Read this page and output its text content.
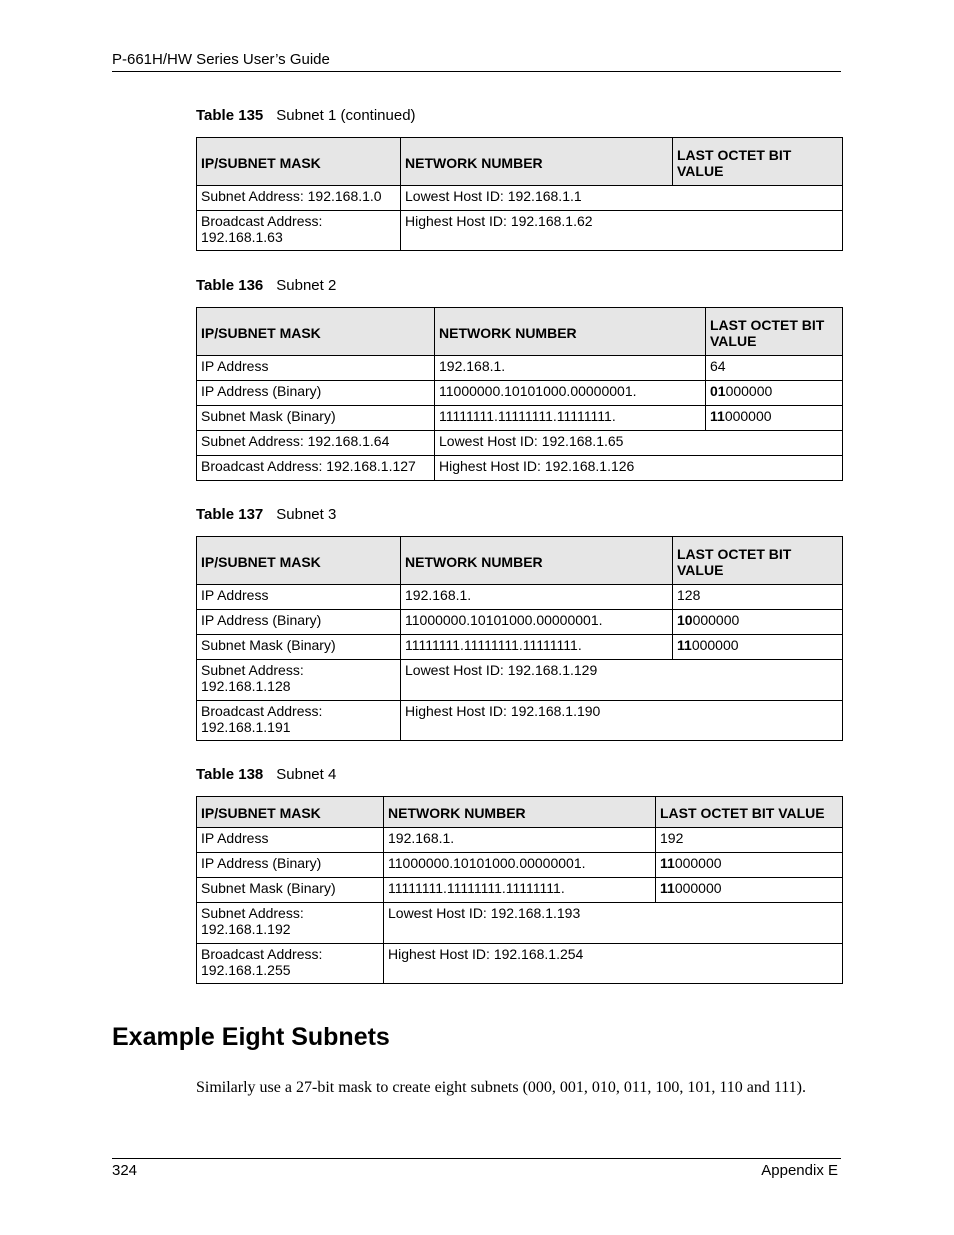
P-661H/HW Series User’s Guide
Table 135 Subnet 1 (continued)
IP/SUBNET MASK	NETWORK NUMBER	LAST OCTET BIT VALUE
Subnet Address: 192.168.1.0	Lowest Host ID: 192.168.1.1	
Broadcast Address: 192.168.1.63	Highest Host ID: 192.168.1.62	
Table 136 Subnet 2
IP/SUBNET MASK	NETWORK NUMBER	LAST OCTET BIT VALUE
IP Address	192.168.1.	64
IP Address (Binary)	11000000.10101000.00000001.	01000000
Subnet Mask (Binary)	11111111.11111111.11111111.	11000000
Subnet Address: 192.168.1.64	Lowest Host ID: 192.168.1.65	
Broadcast Address: 192.168.1.127	Highest Host ID: 192.168.1.126	
Table 137 Subnet 3
IP/SUBNET MASK	NETWORK NUMBER	LAST OCTET BIT VALUE
IP Address	192.168.1.	128
IP Address (Binary)	11000000.10101000.00000001.	10000000
Subnet Mask (Binary)	11111111.11111111.11111111.	11000000
Subnet Address: 192.168.1.128	Lowest Host ID: 192.168.1.129	
Broadcast Address: 192.168.1.191	Highest Host ID: 192.168.1.190	
Table 138 Subnet 4
IP/SUBNET MASK	NETWORK NUMBER	LAST OCTET BIT VALUE
IP Address	192.168.1.	192
IP Address (Binary)	11000000.10101000.00000001.	11000000
Subnet Mask (Binary)	11111111.11111111.11111111.	11000000
Subnet Address: 192.168.1.192	Lowest Host ID: 192.168.1.193	
Broadcast Address: 192.168.1.255	Highest Host ID: 192.168.1.254	
Example Eight Subnets

Similarly use a 27-bit mask to create eight subnets (000, 001, 010, 011, 100, 101, 110 and 111).

324	Appendix E
